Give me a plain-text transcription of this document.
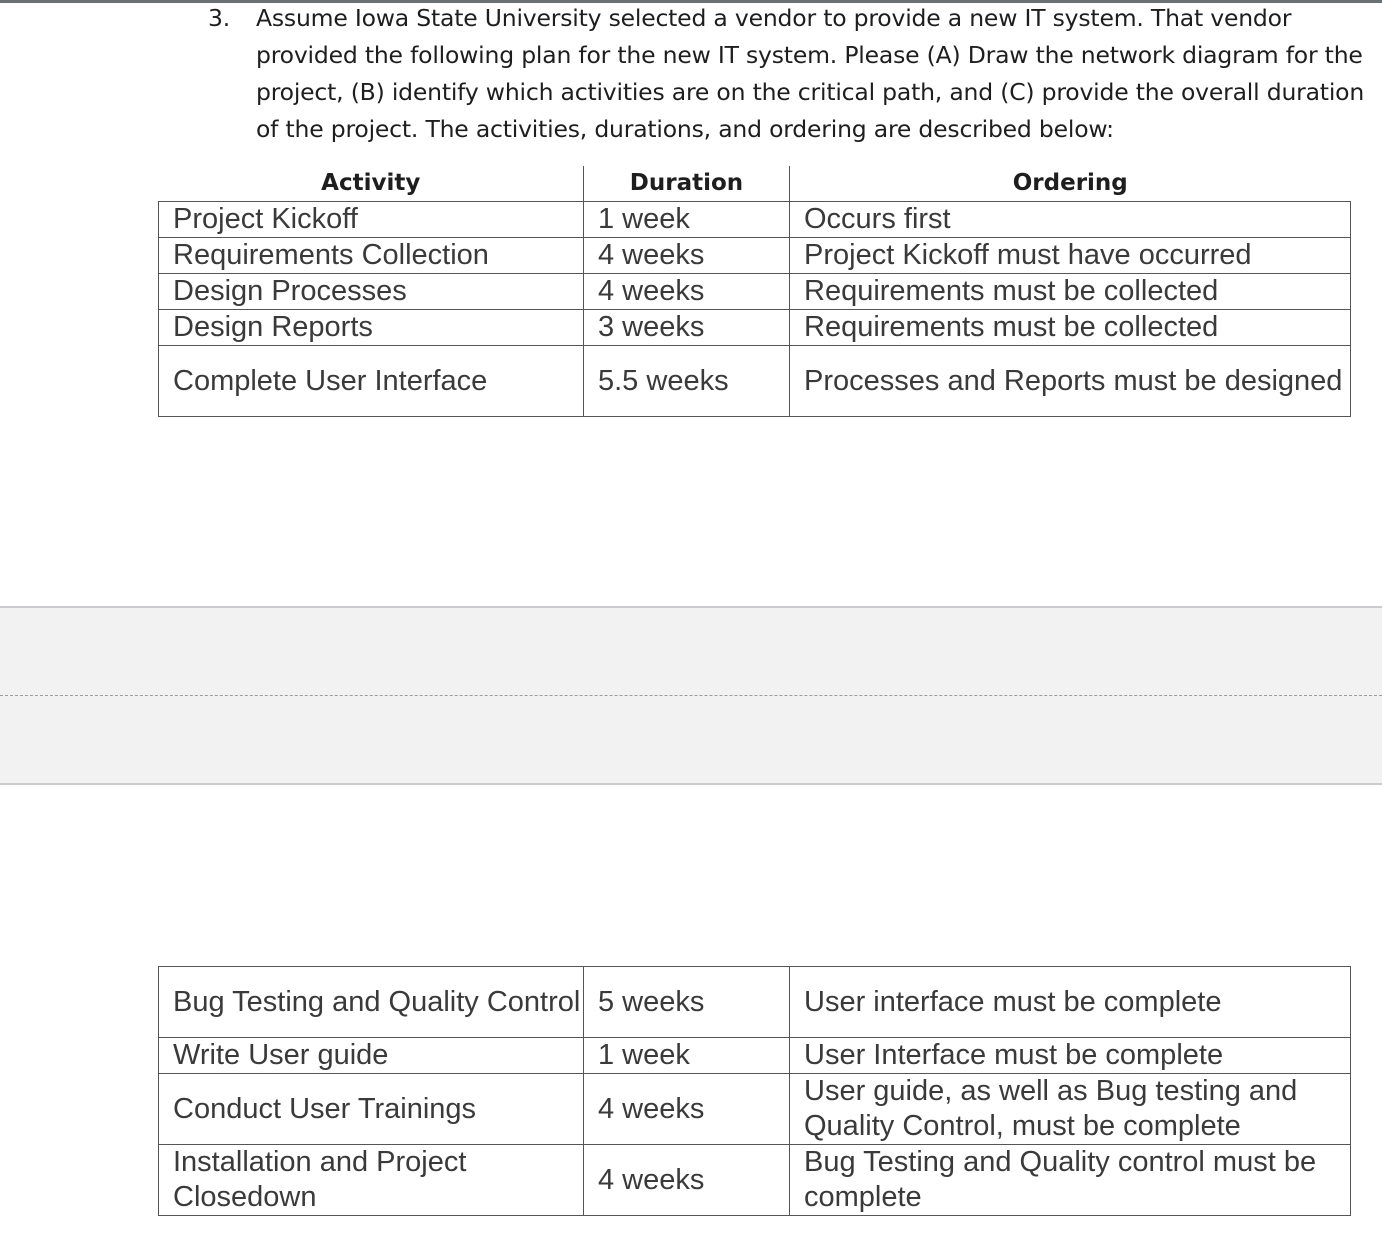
3. Assume Iowa State University selected a vendor to provide a new IT system. That vendor
provided the following plan for the new IT system. Please (A) Draw the network diagram for the
project, (B) identify which activities are on the critical path, and (C) provide the overall duration
of the project. The activities, durations, and ordering are described below:
Activity	Duration	Ordering
Project Kickoff	1 week	Occurs first
Requirements Collection	4 weeks	Project Kickoff must have occurred
Design Processes	4 weeks	Requirements must be collected
Design Reports	3 weeks	Requirements must be collected
Complete User Interface	5.5 weeks	Processes and Reports must be designed
Bug Testing and Quality Control	5 weeks	User interface must be complete
Write User guide	1 week	User Interface must be complete
Conduct User Trainings	4 weeks	User guide, as well as Bug testing and Quality Control, must be complete
Installation and Project Closedown	4 weeks	Bug Testing and Quality control must be complete
